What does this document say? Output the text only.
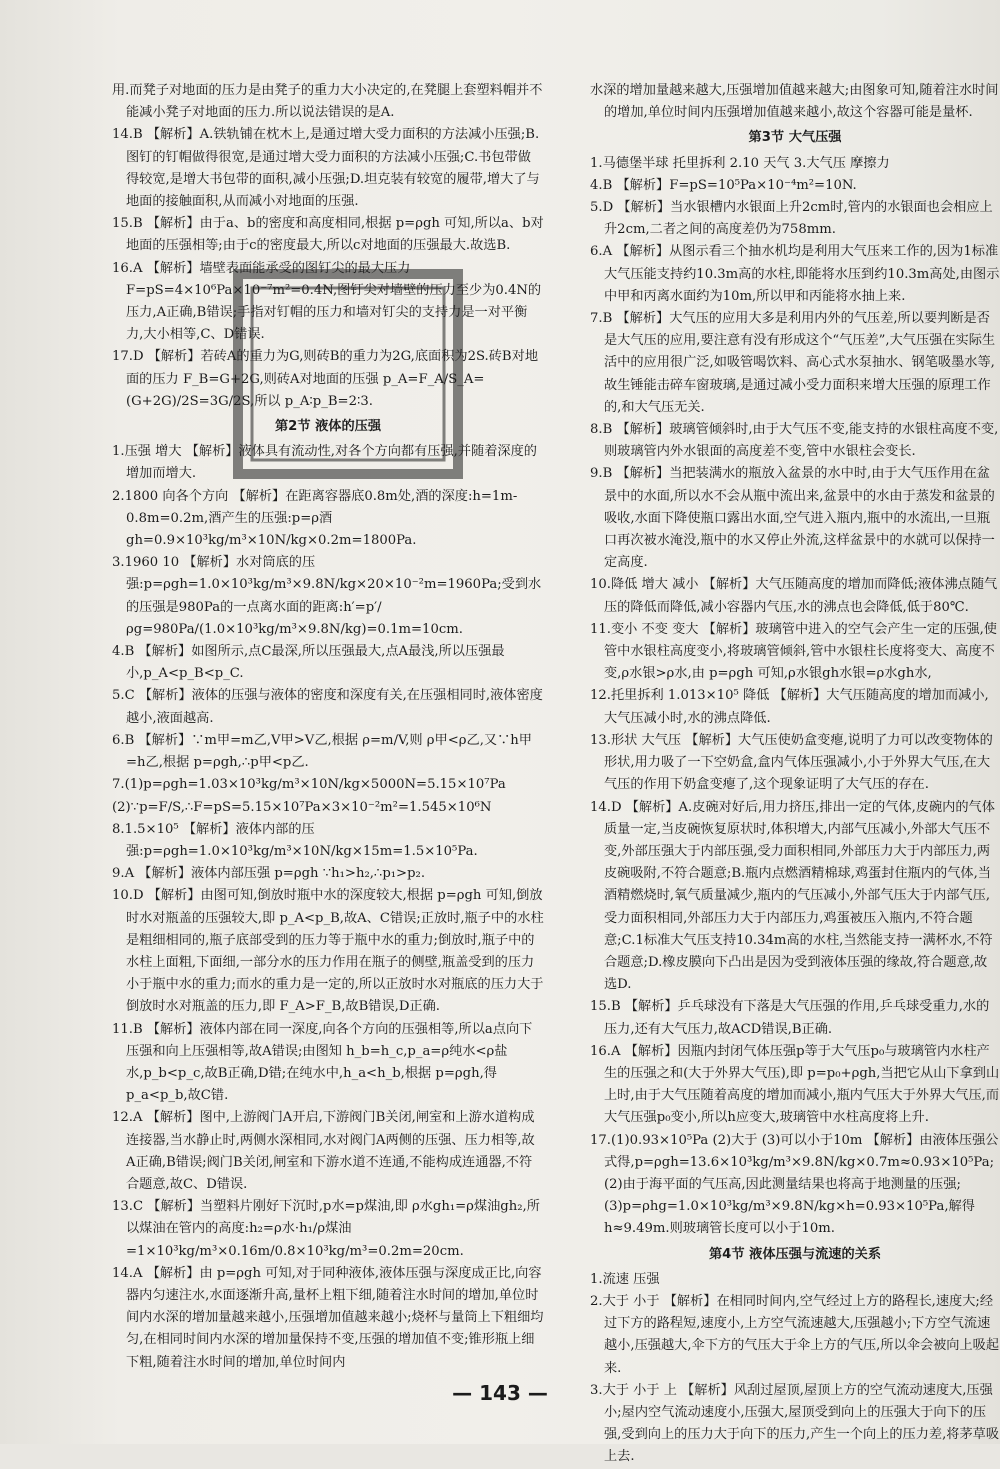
用.而凳子对地面的压力是由凳子的重力大小决定的,在凳腿上套塑料帽并不能减小凳子对地面的压力.所以说法错误的是A.

14.B 【解析】A.铁轨铺在枕木上,是通过增大受力面积的方法减小压强;B.图钉的钉帽做得很宽,是通过增大受力面积的方法减小压强;C.书包带做得较宽,是增大书包带的面积,减小压强;D.坦克装有较宽的履带,增大了与地面的接触面积,从而减小对地面的压强.

15.B 【解析】由于a、b的密度和高度相同,根据 p=ρgh 可知,所以a、b对地面的压强相等;由于c的密度最大,所以c对地面的压强最大.故选B.

16.A 【解析】墙壁表面能承受的图钉尖的最大压力 F=pS=4×10⁶Pa×10⁻⁷m²=0.4N,图钉尖对墙壁的压力至少为0.4N的压力,A正确,B错误;手指对钉帽的压力和墙对钉尖的支持力是一对平衡力,大小相等,C、D错误.

17.D 【解析】若砖A的重力为G,则砖B的重力为2G,底面积为2S.砖B对地面的压力 F_B=G+2G,则砖A对地面的压强 p_A=F_A/S_A=(G+2G)/2S=3G/2S,所以 p_A∶p_B=2∶3.

第2节 液体的压强

1.压强 增大 【解析】液体具有流动性,对各个方向都有压强,并随着深度的增加而增大.

2.1800 向各个方向 【解析】在距离容器底0.8m处,酒的深度:h=1m-0.8m=0.2m,酒产生的压强:p=ρ酒gh=0.9×10³kg/m³×10N/kg×0.2m=1800Pa.

3.1960 10 【解析】水对筒底的压强:p=ρgh=1.0×10³kg/m³×9.8N/kg×20×10⁻²m=1960Pa;受到水的压强是980Pa的一点离水面的距离:h′=p′/ρg=980Pa/(1.0×10³kg/m³×9.8N/kg)=0.1m=10cm.

4.B 【解析】如图所示,点C最深,所以压强最大,点A最浅,所以压强最小,p_A<p_B<p_C.

5.C 【解析】液体的压强与液体的密度和深度有关,在压强相同时,液体密度越小,液面越高.

6.B 【解析】∵m甲=m乙,V甲>V乙,根据 ρ=m/V,则 ρ甲<ρ乙,又∵h甲=h乙,根据 p=ρgh,∴p甲<p乙.

7.(1)p=ρgh=1.03×10³kg/m³×10N/kg×5000N=5.15×10⁷Pa

(2)∵p=F/S,∴F=pS=5.15×10⁷Pa×3×10⁻²m²=1.545×10⁶N

8.1.5×10⁵ 【解析】液体内部的压强:p=ρgh=1.0×10³kg/m³×10N/kg×15m=1.5×10⁵Pa.

9.A 【解析】液体内部压强 p=ρgh ∵h₁>h₂,∴p₁>p₂.

10.D 【解析】由图可知,倒放时瓶中水的深度较大,根据 p=ρgh 可知,倒放时水对瓶盖的压强较大,即 p_A<p_B,故A、C错误;正放时,瓶子中的水柱是粗细相同的,瓶子底部受到的压力等于瓶中水的重力;倒放时,瓶子中的水柱上面粗,下面细,一部分水的压力作用在瓶子的侧壁,瓶盖受到的压力小于瓶中水的重力;而水的重力是一定的,所以正放时水对瓶底的压力大于倒放时水对瓶盖的压力,即 F_A>F_B,故B错误,D正确.

11.B 【解析】液体内部在同一深度,向各个方向的压强相等,所以a点向下压强和向上压强相等,故A错误;由图知 h_b=h_c,p_a=ρ纯水<ρ盐水,p_b<p_c,故B正确,D错;在纯水中,h_a<h_b,根据 p=ρgh,得 p_a<p_b,故C错.

12.A 【解析】图中,上游阀门A开启,下游阀门B关闭,闸室和上游水道构成连接器,当水静止时,两侧水深相同,水对阀门A两侧的压强、压力相等,故A正确,B错误;阀门B关闭,闸室和下游水道不连通,不能构成连通器,不符合题意,故C、D错误.

13.C 【解析】当塑料片刚好下沉时,p水=p煤油,即 ρ水gh₁=ρ煤油gh₂,所以煤油在管内的高度:h₂=ρ水·h₁/ρ煤油=1×10³kg/m³×0.16m/0.8×10³kg/m³=0.2m=20cm.

14.A 【解析】由 p=ρgh 可知,对于同种液体,液体压强与深度成正比,向容器内匀速注水,水面逐渐升高,量杯上粗下细,随着注水时间的增加,单位时间内水深的增加量越来越小,压强增加值越来越小;烧杯与量筒上下粗细均匀,在相同时间内水深的增加量保持不变,压强的增加值不变;锥形瓶上细下粗,随着注水时间的增加,单位时间内

水深的增加量越来越大,压强增加值越来越大;由图象可知,随着注水时间的增加,单位时间内压强增加值越来越小,故这个容器可能是量杯.

第3节 大气压强

1.马德堡半球 托里拆利 2.10 天气 3.大气压 摩擦力

4.B 【解析】F=pS=10⁵Pa×10⁻⁴m²=10N.

5.D 【解析】当水银槽内水银面上升2cm时,管内的水银面也会相应上升2cm,二者之间的高度差仍为758mm.

6.A 【解析】从图示看三个抽水机均是利用大气压来工作的,因为1标准大气压能支持约10.3m高的水柱,即能将水压到约10.3m高处,由图示中甲和丙离水面约为10m,所以甲和丙能将水抽上来.

7.B 【解析】大气压的应用大多是利用内外的气压差,所以要判断是否是大气压的应用,要注意有没有形成这个“气压差”,大气压强在实际生活中的应用很广泛,如吸管喝饮料、高心式水泵抽水、钢笔吸墨水等,故生锤能击碎车窗玻璃,是通过减小受力面积来增大压强的原理工作的,和大气压无关.

8.B 【解析】玻璃管倾斜时,由于大气压不变,能支持的水银柱高度不变,则玻璃管内外水银面的高度差不变,管中水银柱会变长.

9.B 【解析】当把装满水的瓶放入盆景的水中时,由于大气压作用在盆景中的水面,所以水不会从瓶中流出来,盆景中的水由于蒸发和盆景的吸收,水面下降使瓶口露出水面,空气进入瓶内,瓶中的水流出,一旦瓶口再次被水淹没,瓶中的水又停止外流,这样盆景中的水就可以保持一定高度.

10.降低 增大 减小 【解析】大气压随高度的增加而降低;液体沸点随气压的降低而降低,减小容器内气压,水的沸点也会降低,低于80℃.

11.变小 不变 变大 【解析】玻璃管中进入的空气会产生一定的压强,使管中水银柱高度变小,将玻璃管倾斜,管中水银柱长度将变大、高度不变,ρ水银>ρ水,由 p=ρgh 可知,ρ水银gh水银=ρ水gh水,

12.托里拆利 1.013×10⁵ 降低 【解析】大气压随高度的增加而减小,大气压减小时,水的沸点降低.

13.形状 大气压 【解析】大气压使奶盒变瘪,说明了力可以改变物体的形状,用力吸了一下空奶盒,盒内气体压强减小,小于外界大气压,在大气压的作用下奶盒变瘪了,这个现象证明了大气压的存在.

14.D 【解析】A.皮碗对好后,用力挤压,排出一定的气体,皮碗内的气体质量一定,当皮碗恢复原状时,体积增大,内部气压减小,外部大气压不变,外部压强大于内部压强,受力面积相同,外部压力大于内部压力,两皮碗吸附,不符合题意;B.瓶内点燃酒精棉球,鸡蛋封住瓶内的气体,当酒精燃烧时,氧气质量减少,瓶内的气压减小,外部气压大于内部气压,受力面积相同,外部压力大于内部压力,鸡蛋被压入瓶内,不符合题意;C.1标准大气压支持10.34m高的水柱,当然能支持一满杯水,不符合题意;D.橡皮膜向下凸出是因为受到液体压强的缘故,符合题意,故选D.

15.B 【解析】乒乓球没有下落是大气压强的作用,乒乓球受重力,水的压力,还有大气压力,故ACD错误,B正确.

16.A 【解析】因瓶内封闭气体压强p等于大气压p₀与玻璃管内水柱产生的压强之和(大于外界大气压),即 p=p₀+ρgh,当把它从山下拿到山上时,由于大气压随着高度的增加而减小,瓶内气压大于外界大气压,而大气压强p₀变小,所以h应变大,玻璃管中水柱高度将上升.

17.(1)0.93×10⁵Pa (2)大于 (3)可以小于10m 【解析】由液体压强公式得,p=ρgh=13.6×10³kg/m³×9.8N/kg×0.7m≈0.93×10⁵Pa;(2)由于海平面的气压高,因此测量结果也将高于地测量的压强;(3)p=ρhg=1.0×10³kg/m³×9.8N/kg×h=0.93×10⁵Pa,解得h≈9.49m.则玻璃管长度可以小于10m.

第4节 液体压强与流速的关系

1.流速 压强

2.大于 小于 【解析】在相同时间内,空气经过上方的路程长,速度大;经过下方的路程短,速度小,上方空气流速越大,压强越小;下方空气流速越小,压强越大,伞下方的气压大于伞上方的气压,所以伞会被向上吸起来.

3.大于 小于 上 【解析】风刮过屋顶,屋顶上方的空气流动速度大,压强小;屋内空气流动速度小,压强大,屋顶受到向上的压强大于向下的压强,受到向上的压力大于向下的压力,产生一个向上的压力差,将茅草吸上去.

— 143 —
